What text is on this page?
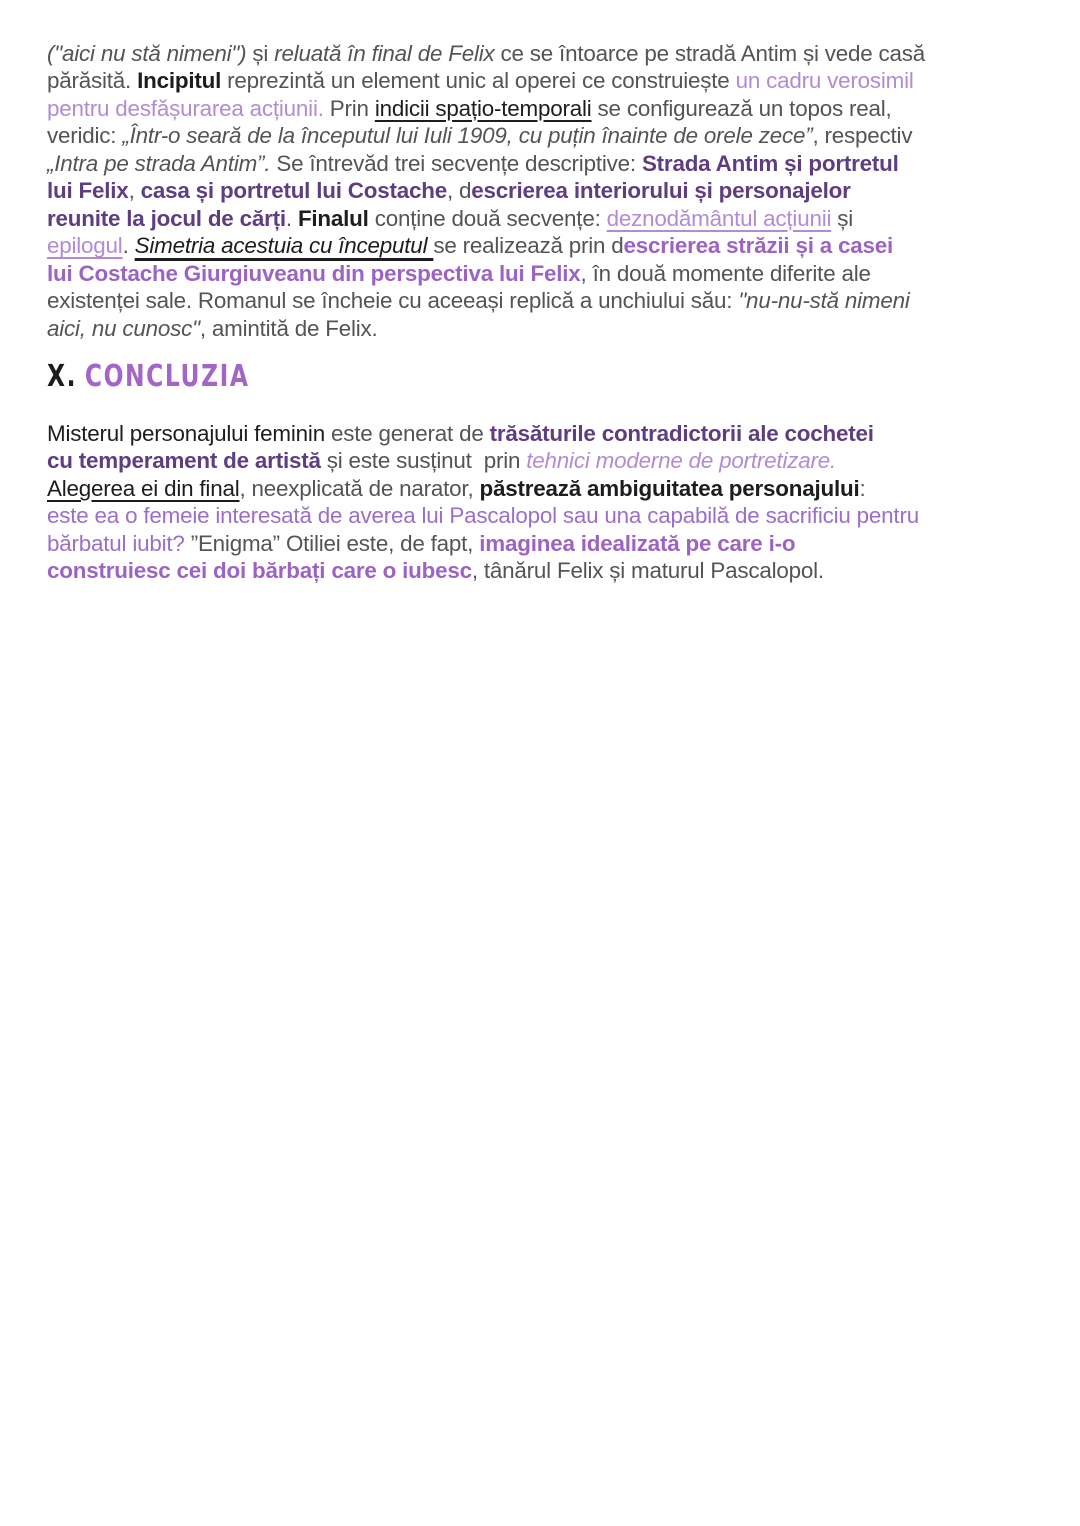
("aici nu stă nimeni") și reluată în final de Felix ce se întoarce pe stradă Antim și vede casă
părăsită. Incipitul reprezintă un element unic al operei ce construiește un cadru verosimil
pentru desfășurarea acțiunii. Prin indicii spațio-temporali se configurează un topos real,
veridic: „Într-o seară de la începutul lui Iuli 1909, cu puțin înainte de orele zece”, respectiv
„Intra pe strada Antim”. Se întrevăd trei secvențe descriptive: Strada Antim și portretul
lui Felix, casa și portretul lui Costache, descrierea interiorului și personajelor
reunite la jocul de cărți. Finalul conține două secvențe: deznodământul acțiunii și
epilogul. Simetria acestuia cu începutul se realizează prin descrierea străzii și a casei
lui Costache Giurgiuveanu din perspectiva lui Felix, în două momente diferite ale
existenței sale. Romanul se încheie cu aceeași replică a unchiului său: "nu-nu-stă nimeni
aici, nu cunosc", amintită de Felix.

X. CONCLUZIA

Misterul personajului feminin este generat de trăsăturile contradictorii ale cochetei
cu temperament de artistă și este susținut  prin tehnici moderne de portretizare.
Alegerea ei din final, neexplicată de narator, păstrează ambiguitatea personajului:
este ea o femeie interesată de averea lui Pascalopol sau una capabilă de sacrificiu pentru
bărbatul iubit? ”Enigma” Otiliei este, de fapt, imaginea idealizată pe care i-o
construiesc cei doi bărbați care o iubesc, tânărul Felix și maturul Pascalopol.
